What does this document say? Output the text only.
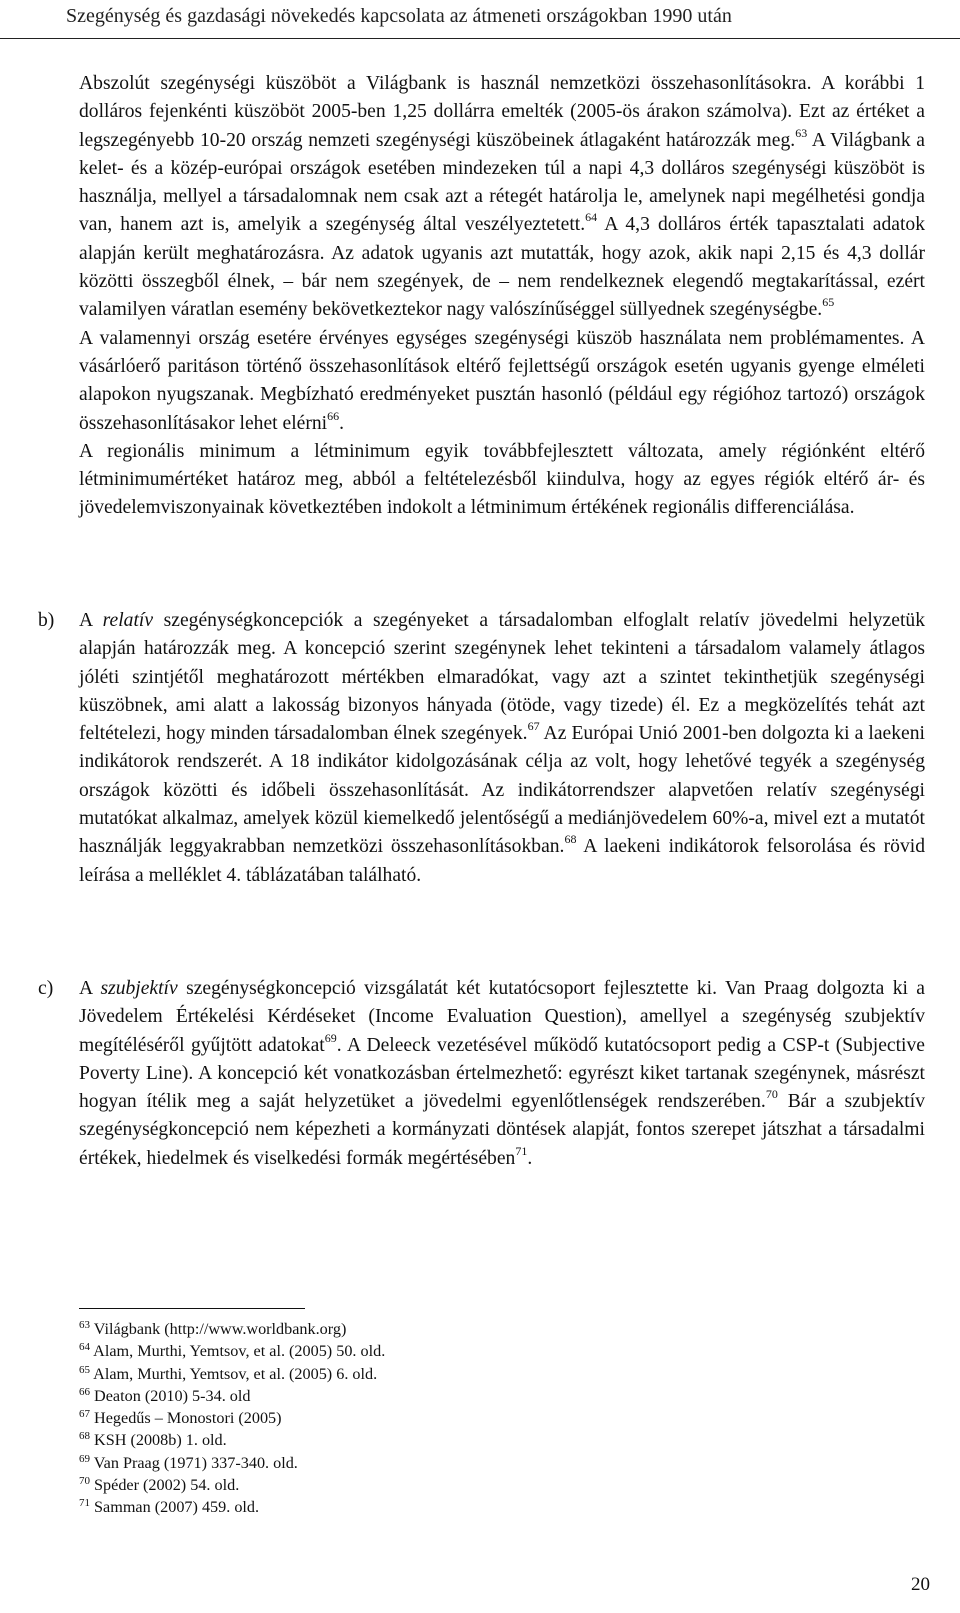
Szegénység és gazdasági növekedés kapcsolata az átmeneti országokban 1990 után

Abszolút szegénységi küszöböt a Világbank is használ nemzetközi összehasonlításokra. A korábbi 1 dolláros fejenkénti küszöböt 2005-ben 1,25 dollárra emelték (2005-ös árakon számolva). Ezt az értéket a legszegényebb 10-20 ország nemzeti szegénységi küszöbeinek átlagaként határozzák meg.$^{63}$ A Világbank a kelet- és a közép-európai országok esetében mindezeken túl a napi 4,3 dolláros szegénységi küszöböt is használja, mellyel a társadalomnak nem csak azt a rétegét határolja le, amelynek napi megélhetési gondja van, hanem azt is, amelyik a szegénység által veszélyeztetett.$^{64}$ A 4,3 dolláros érték tapasztalati adatok alapján került meghatározásra. Az adatok ugyanis azt mutatták, hogy azok, akik napi 2,15 és 4,3 dollár közötti összegből élnek, – bár nem szegények, de – nem rendelkeznek elegendő megtakarítással, ezért valamilyen váratlan esemény bekövetkeztekor nagy valószínűséggel süllyednek szegénységbe.$^{65}$

A valamennyi ország esetére érvényes egységes szegénységi küszöb használata nem problémamentes. A vásárlóerő paritáson történő összehasonlítások eltérő fejlettségű országok esetén ugyanis gyenge elméleti alapokon nyugszanak. Megbízható eredményeket pusztán hasonló (például egy régióhoz tartozó) országok összehasonlításakor lehet elérni$^{66}$.

A regionális minimum a létminimum egyik továbbfejlesztett változata, amely régiónként eltérő létminimumértéket határoz meg, abból a feltételezésből kiindulva, hogy az egyes régiók eltérő ár- és jövedelemviszonyainak következtében indokolt a létminimum értékének regionális differenciálása.

b) A relatív szegénységkoncepciók a szegényeket a társadalomban elfoglalt relatív jövedelmi helyzetük alapján határozzák meg. A koncepció szerint szegénynek lehet tekinteni a társadalom valamely átlagos jóléti szintjétől meghatározott mértékben elmaradókat, vagy azt a szintet tekinthetjük szegénységi küszöbnek, ami alatt a lakosság bizonyos hányada (ötöde, vagy tizede) él. Ez a megközelítés tehát azt feltételezi, hogy minden társadalomban élnek szegények.$^{67}$ Az Európai Unió 2001-ben dolgozta ki a laekeni indikátorok rendszerét. A 18 indikátor kidolgozásának célja az volt, hogy lehetővé tegyék a szegénység országok közötti és időbeli összehasonlítását. Az indikátorrendszer alapvetően relatív szegénységi mutatókat alkalmaz, amelyek közül kiemelkedő jelentőségű a mediánjövedelem 60%-a, mivel ezt a mutatót használják leggyakrabban nemzetközi összehasonlításokban.$^{68}$ A laekeni indikátorok felsorolása és rövid leírása a melléklet 4. táblázatában található.
c) A szubjektív szegénységkoncepció vizsgálatát két kutatócsoport fejlesztette ki. Van Praag dolgozta ki a Jövedelem Értékelési Kérdéseket (Income Evaluation Question), amellyel a szegénység szubjektív megítéléséről gyűjtött adatokat$^{69}$. A Deleeck vezetésével működő kutatócsoport pedig a CSP-t (Subjective Poverty Line). A koncepció két vonatkozásban értelmezhető: egyrészt kiket tartanak szegénynek, másrészt hogyan ítélik meg a saját helyzetüket a jövedelmi egyenlőtlenségek rendszerében.$^{70}$ Bár a szubjektív szegénységkoncepció nem képezheti a kormányzati döntések alapját, fontos szerepet játszhat a társadalmi értékek, hiedelmek és viselkedési formák megértésében$^{71}$.
$^{63}$ Világbank (http://www.worldbank.org)
$^{64}$ Alam, Murthi, Yemtsov, et al. (2005) 50. old.
$^{65}$ Alam, Murthi, Yemtsov, et al. (2005) 6. old.
$^{66}$ Deaton (2010) 5-34. old
$^{67}$ Hegedűs – Monostori (2005)
$^{68}$ KSH (2008b) 1. old.
$^{69}$ Van Praag (1971) 337-340. old.
$^{70}$ Spéder (2002) 54. old.
$^{71}$ Samman (2007) 459. old.
20
